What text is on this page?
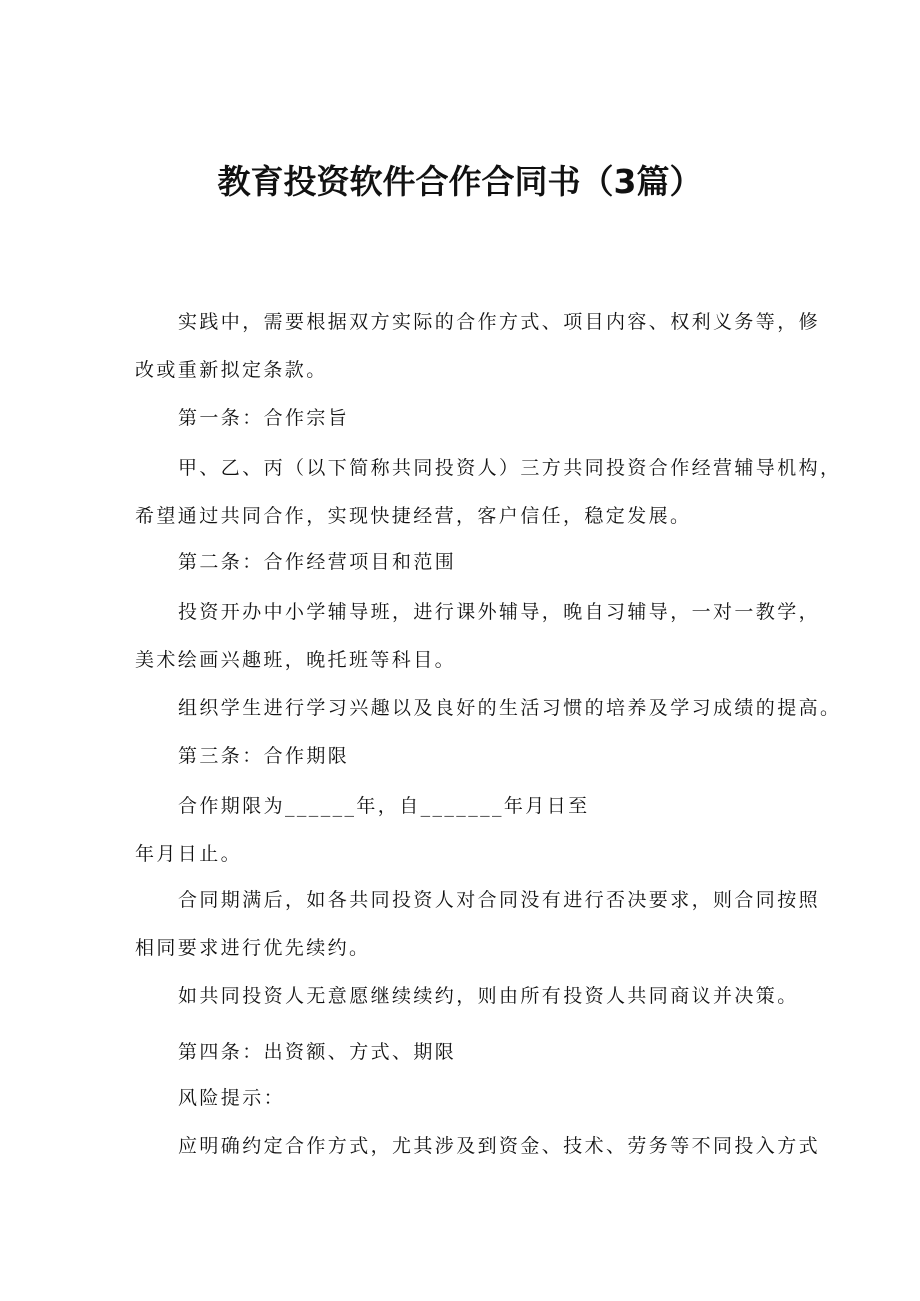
教育投资软件合作合同书（3篇）

实践中，需要根据双方实际的合作方式、项目内容、权利义务等，修

改或重新拟定条款。

第一条：合作宗旨

甲、乙、丙（以下简称共同投资人）三方共同投资合作经营辅导机构，

希望通过共同合作，实现快捷经营，客户信任，稳定发展。

第二条：合作经营项目和范围

投资开办中小学辅导班，进行课外辅导，晚自习辅导，一对一教学，

美术绘画兴趣班，晚托班等科目。

组织学生进行学习兴趣以及良好的生活习惯的培养及学习成绩的提高。

第三条：合作期限

合作期限为______年，自_______年月日至

年月日止。

合同期满后，如各共同投资人对合同没有进行否决要求，则合同按照

相同要求进行优先续约。

如共同投资人无意愿继续续约，则由所有投资人共同商议并决策。

第四条：出资额、方式、期限

风险提示：

应明确约定合作方式，尤其涉及到资金、技术、劳务等不同投入方式
